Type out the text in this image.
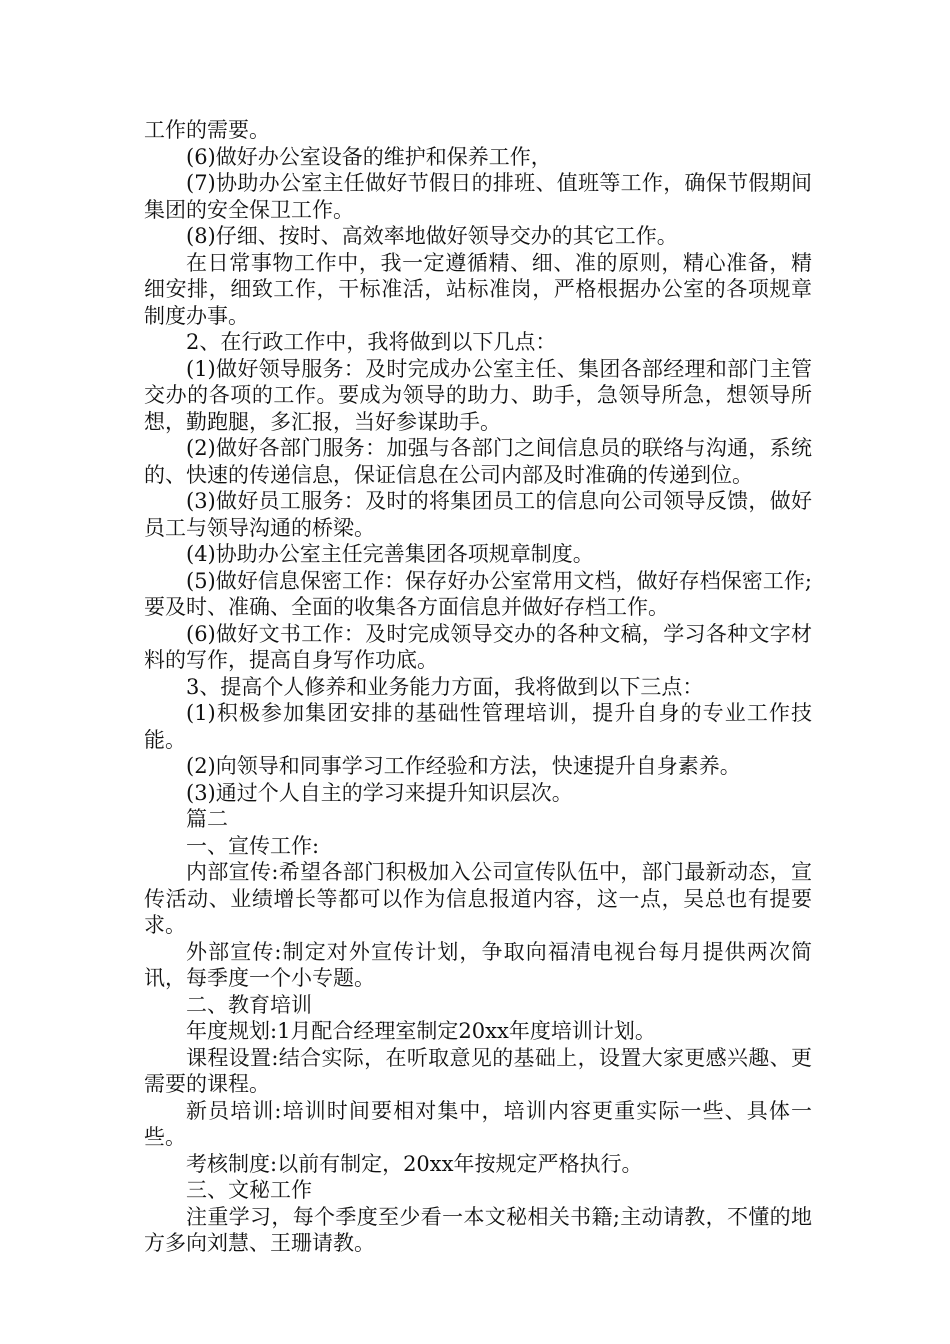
工作的需要。

(6)做好办公室设备的维护和保养工作，

(7)协助办公室主任做好节假日的排班、值班等工作，确保节假期间集团的安全保卫工作。

(8)仔细、按时、高效率地做好领导交办的其它工作。

在日常事物工作中，我一定遵循精、细、准的原则，精心准备，精细安排，细致工作，干标准活，站标准岗，严格根据办公室的各项规章制度办事。

2、在行政工作中，我将做到以下几点：

(1)做好领导服务：及时完成办公室主任、集团各部经理和部门主管交办的各项的工作。要成为领导的助力、助手，急领导所急，想领导所想，勤跑腿，多汇报，当好参谋助手。

(2)做好各部门服务：加强与各部门之间信息员的联络与沟通，系统的、快速的传递信息，保证信息在公司内部及时准确的传递到位。

(3)做好员工服务：及时的将集团员工的信息向公司领导反馈，做好员工与领导沟通的桥梁。

(4)协助办公室主任完善集团各项规章制度。

(5)做好信息保密工作：保存好办公室常用文档，做好存档保密工作;要及时、准确、全面的收集各方面信息并做好存档工作。

(6)做好文书工作：及时完成领导交办的各种文稿，学习各种文字材料的写作，提高自身写作功底。

3、提高个人修养和业务能力方面，我将做到以下三点：

(1)积极参加集团安排的基础性管理培训，提升自身的专业工作技能。

(2)向领导和同事学习工作经验和方法，快速提升自身素养。

(3)通过个人自主的学习来提升知识层次。

篇二

一、宣传工作:

内部宣传:希望各部门积极加入公司宣传队伍中，部门最新动态，宣传活动、业绩增长等都可以作为信息报道内容，这一点，吴总也有提要求。

外部宣传:制定对外宣传计划，争取向福清电视台每月提供两次简讯，每季度一个小专题。

二、教育培训

年度规划:1月配合经理室制定20xx年度培训计划。

课程设置:结合实际，在听取意见的基础上，设置大家更感兴趣、更需要的课程。

新员培训:培训时间要相对集中，培训内容更重实际一些、具体一些。

考核制度:以前有制定，20xx年按规定严格执行。

三、文秘工作

注重学习，每个季度至少看一本文秘相关书籍;主动请教，不懂的地方多向刘慧、王珊请教。
